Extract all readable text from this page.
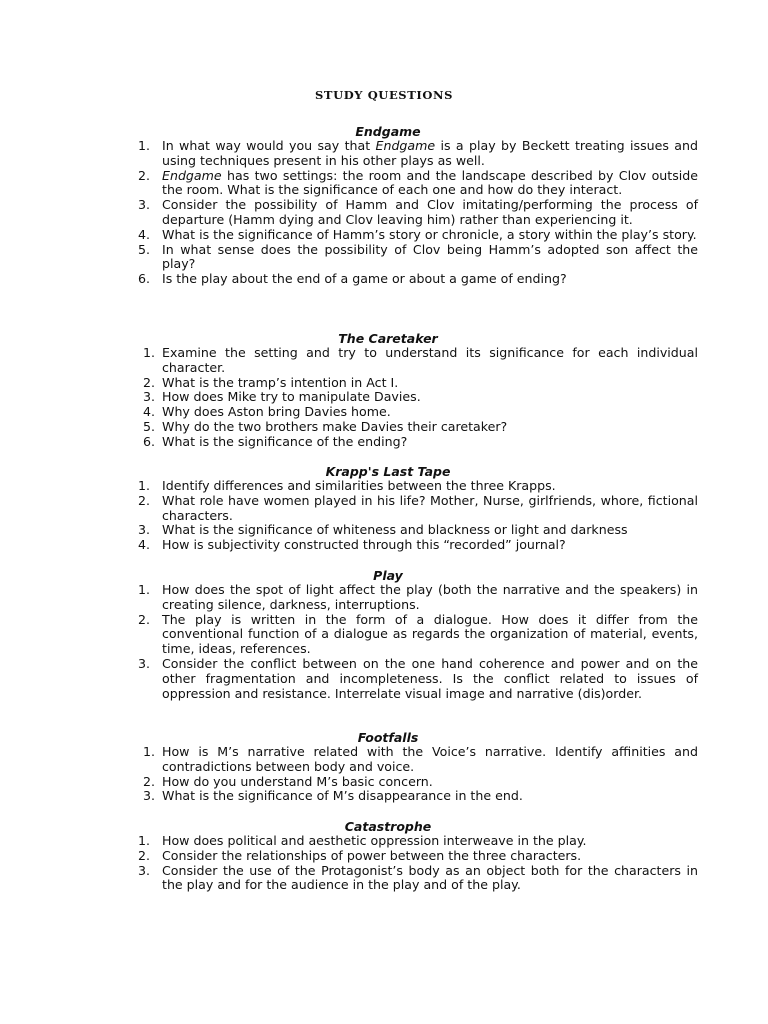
STUDY QUESTIONS
Endgame
1. In what way would you say that Endgame is a play by Beckett treating issues and using techniques present in his other plays as well.
2. Endgame has two settings: the room and the landscape described by Clov outside the room. What is the significance of each one and how do they interact.
3. Consider the possibility of Hamm and Clov imitating/performing the process of departure (Hamm dying and Clov leaving him) rather than experiencing it.
4. What is the significance of Hamm’s story or chronicle, a story within the play’s story.
5. In what sense does the possibility of Clov being Hamm’s adopted son affect the play?
6. Is the play about the end of a game or about a game of ending?
The Caretaker
1. Examine the setting and try to understand its significance for each individual character.
2. What is the tramp’s intention in Act I.
3. How does Mike try to manipulate Davies.
4. Why does Aston bring Davies home.
5. Why do the two brothers make Davies their caretaker?
6. What is the significance of the ending?
Krapp's Last Tape
1. Identify differences and similarities between the three Krapps.
2. What role have women played in his life? Mother, Nurse, girlfriends, whore, fictional characters.
3. What is the significance of whiteness and blackness or light and darkness
4. How is subjectivity constructed through this “recorded” journal?
Play
1. How does the spot of light affect the play (both the narrative and the speakers) in creating silence, darkness, interruptions.
2. The play is written in the form of a dialogue. How does it differ from the conventional function of a dialogue as regards the organization of material, events, time, ideas, references.
3. Consider the conflict between on the one hand coherence and power and on the other fragmentation and incompleteness. Is the conflict related to issues of oppression and resistance. Interrelate visual image and narrative (dis)order.
Footfalls
1. How is M’s narrative related with the Voice’s narrative. Identify affinities and contradictions between body and voice.
2. How do you understand M’s basic concern.
3. What is the significance of M’s disappearance in the end.
Catastrophe
1. How does political and aesthetic oppression interweave in the play.
2. Consider the relationships of power between the three characters.
3. Consider the use of the Protagonist’s body as an object both for the characters in the play and for the audience in the play and of the play.
